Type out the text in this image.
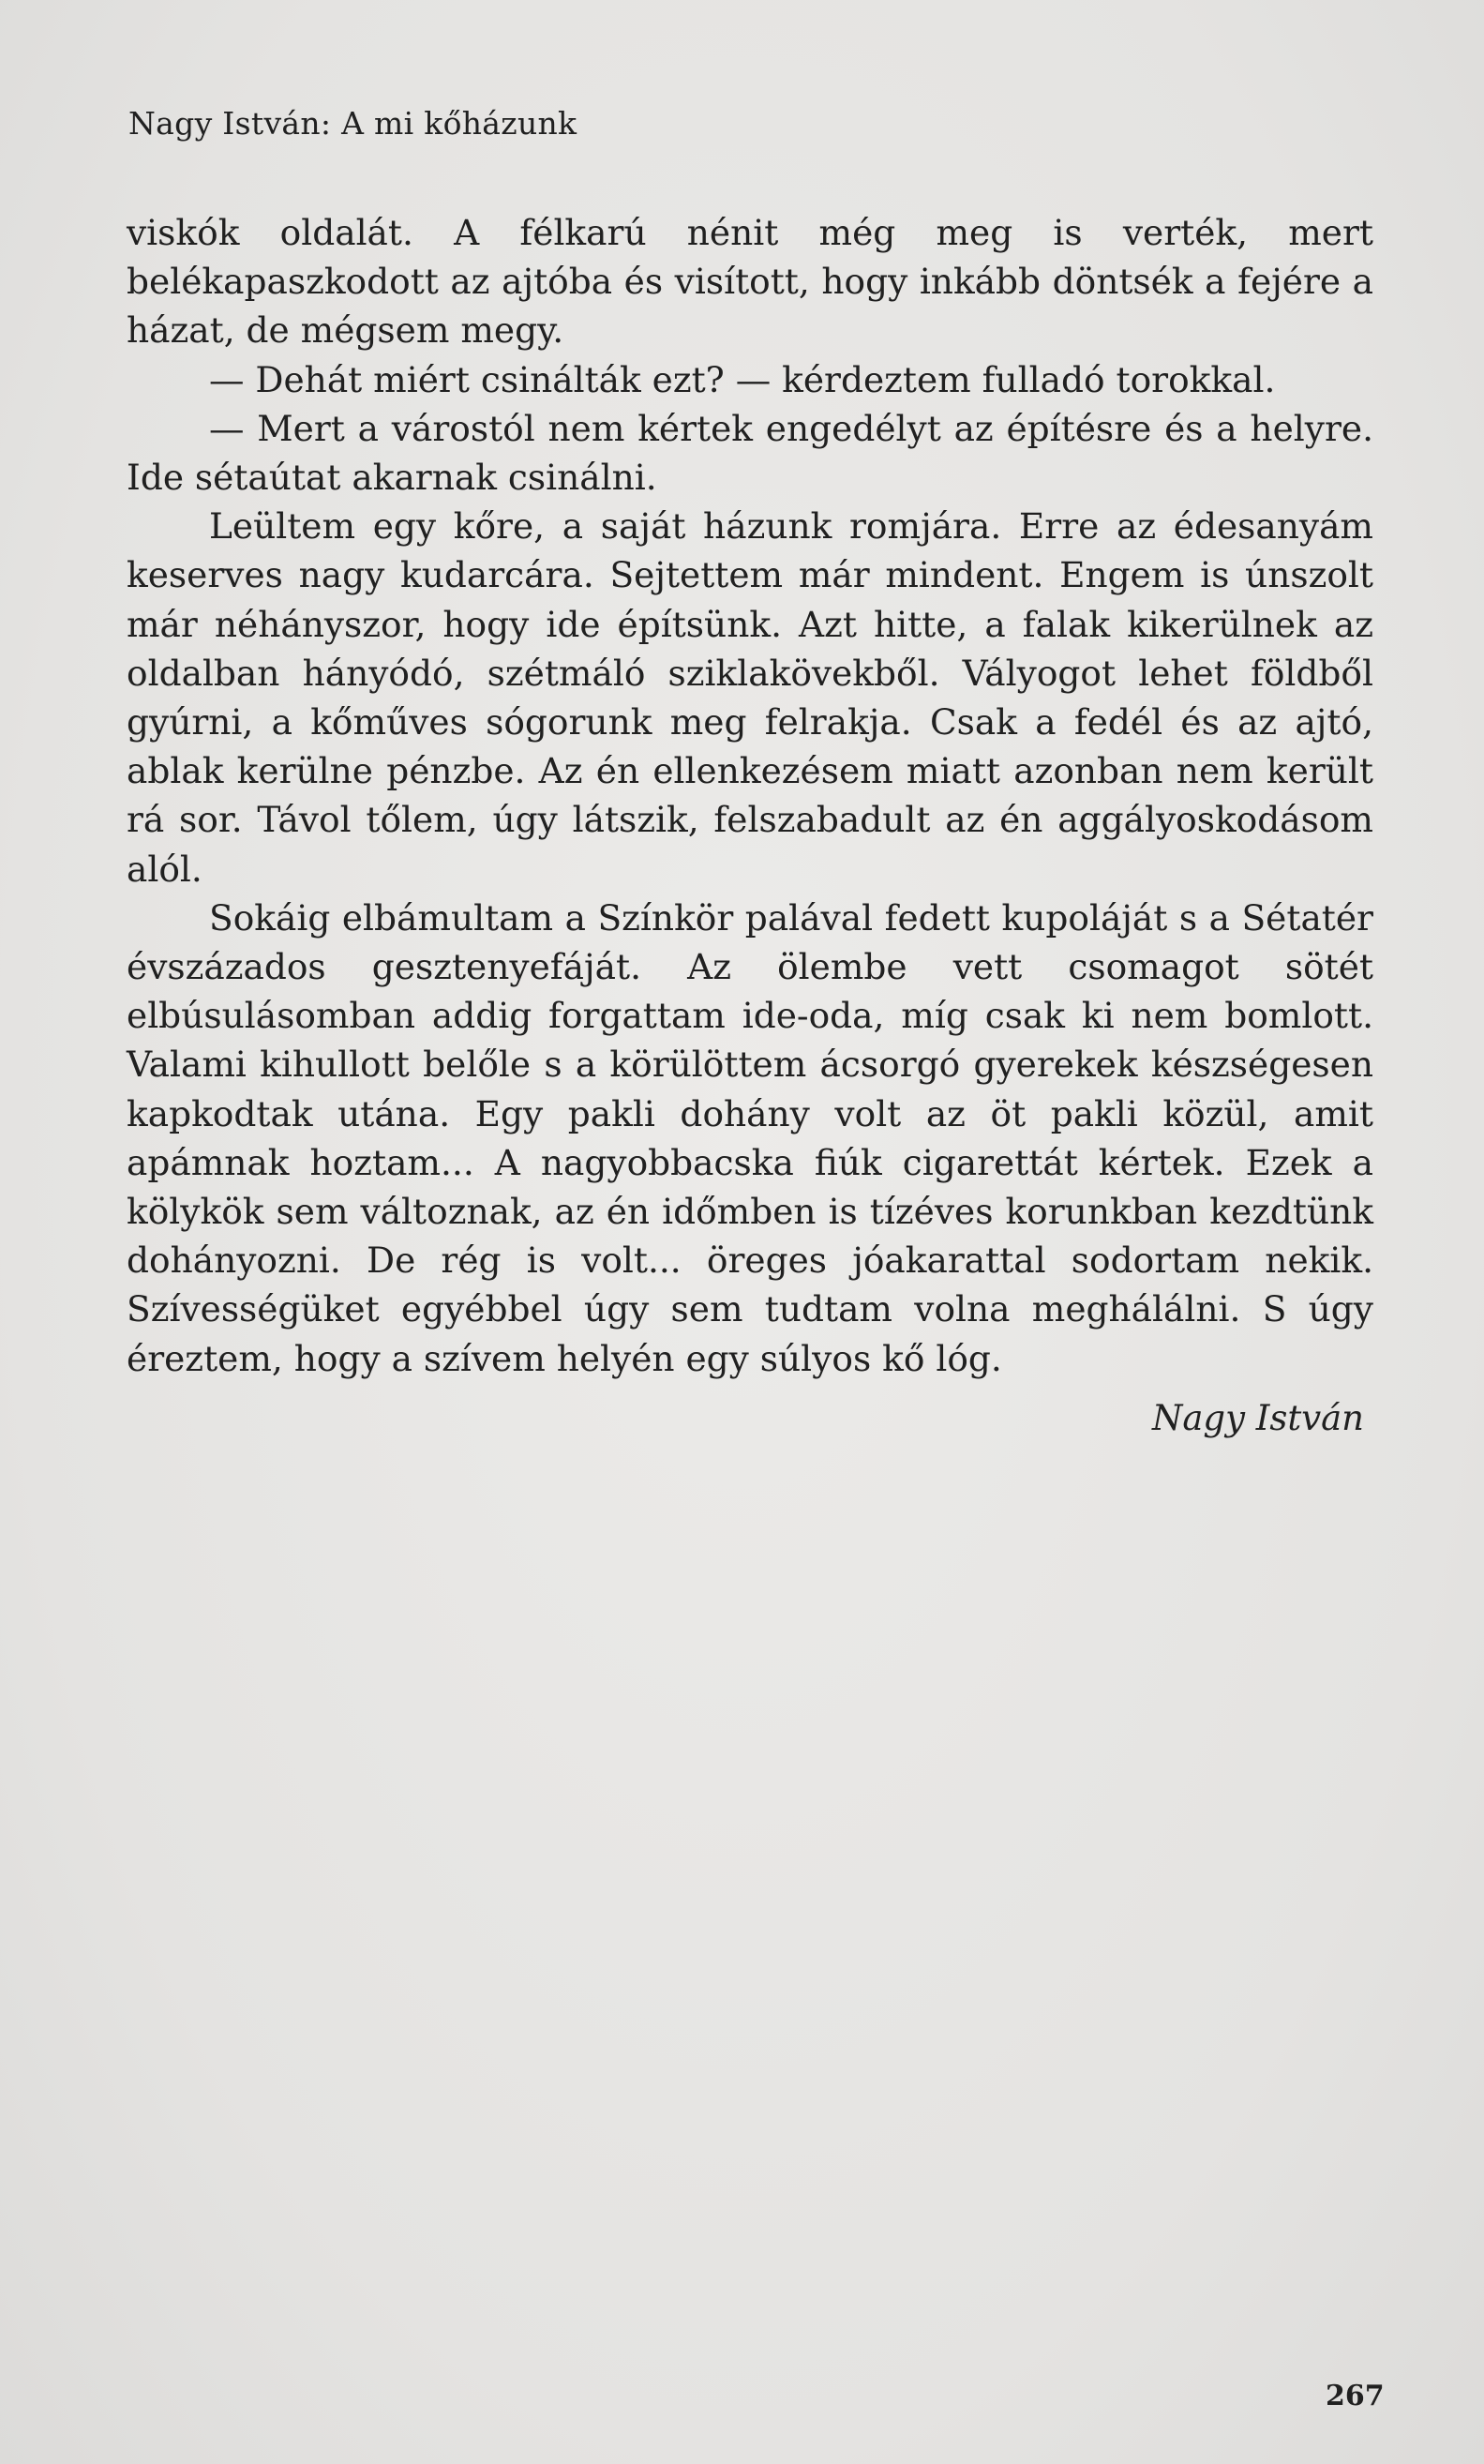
Nagy István: A mi kőházunk

viskók oldalát. A félkarú nénit még meg is verték, mert belékapaszkodott az ajtóba és visított, hogy inkább döntsék a fejére a házat, de mégsem megy.

— Dehát miért csinálták ezt? — kérdeztem fulladó torokkal.

— Mert a várostól nem kértek engedélyt az építésre és a helyre. Ide sétaútat akarnak csinálni.

Leültem egy kőre, a saját házunk romjára. Erre az édesanyám keserves nagy kudarcára. Sejtettem már mindent. Engem is únszolt már néhányszor, hogy ide építsünk. Azt hitte, a falak kikerülnek az oldalban hányódó, szétmáló sziklakövekből. Vályogot lehet földből gyúrni, a kőműves sógorunk meg felrakja. Csak a fedél és az ajtó, ablak kerülne pénzbe. Az én ellenkezésem miatt azonban nem került rá sor. Távol tőlem, úgy látszik, felszabadult az én aggályoskodásom alól.

Sokáig elbámultam a Színkör palával fedett kupoláját s a Sétatér évszázados gesztenyefáját. Az ölembe vett csomagot sötét elbúsulásomban addig forgattam ide-oda, míg csak ki nem bomlott. Valami kihullott belőle s a körülöttem ácsorgó gyerekek készségesen kapkodtak utána. Egy pakli dohány volt az öt pakli közül, amit apámnak hoztam... A nagyobbacska fiúk cigarettát kértek. Ezek a kölykök sem változnak, az én időmben is tízéves korunkban kezdtünk dohányozni. De rég is volt... öreges jóakarattal sodortam nekik. Szívességüket egyébbel úgy sem tudtam volna meghálálni. S úgy éreztem, hogy a szívem helyén egy súlyos kő lóg.

Nagy István
267
